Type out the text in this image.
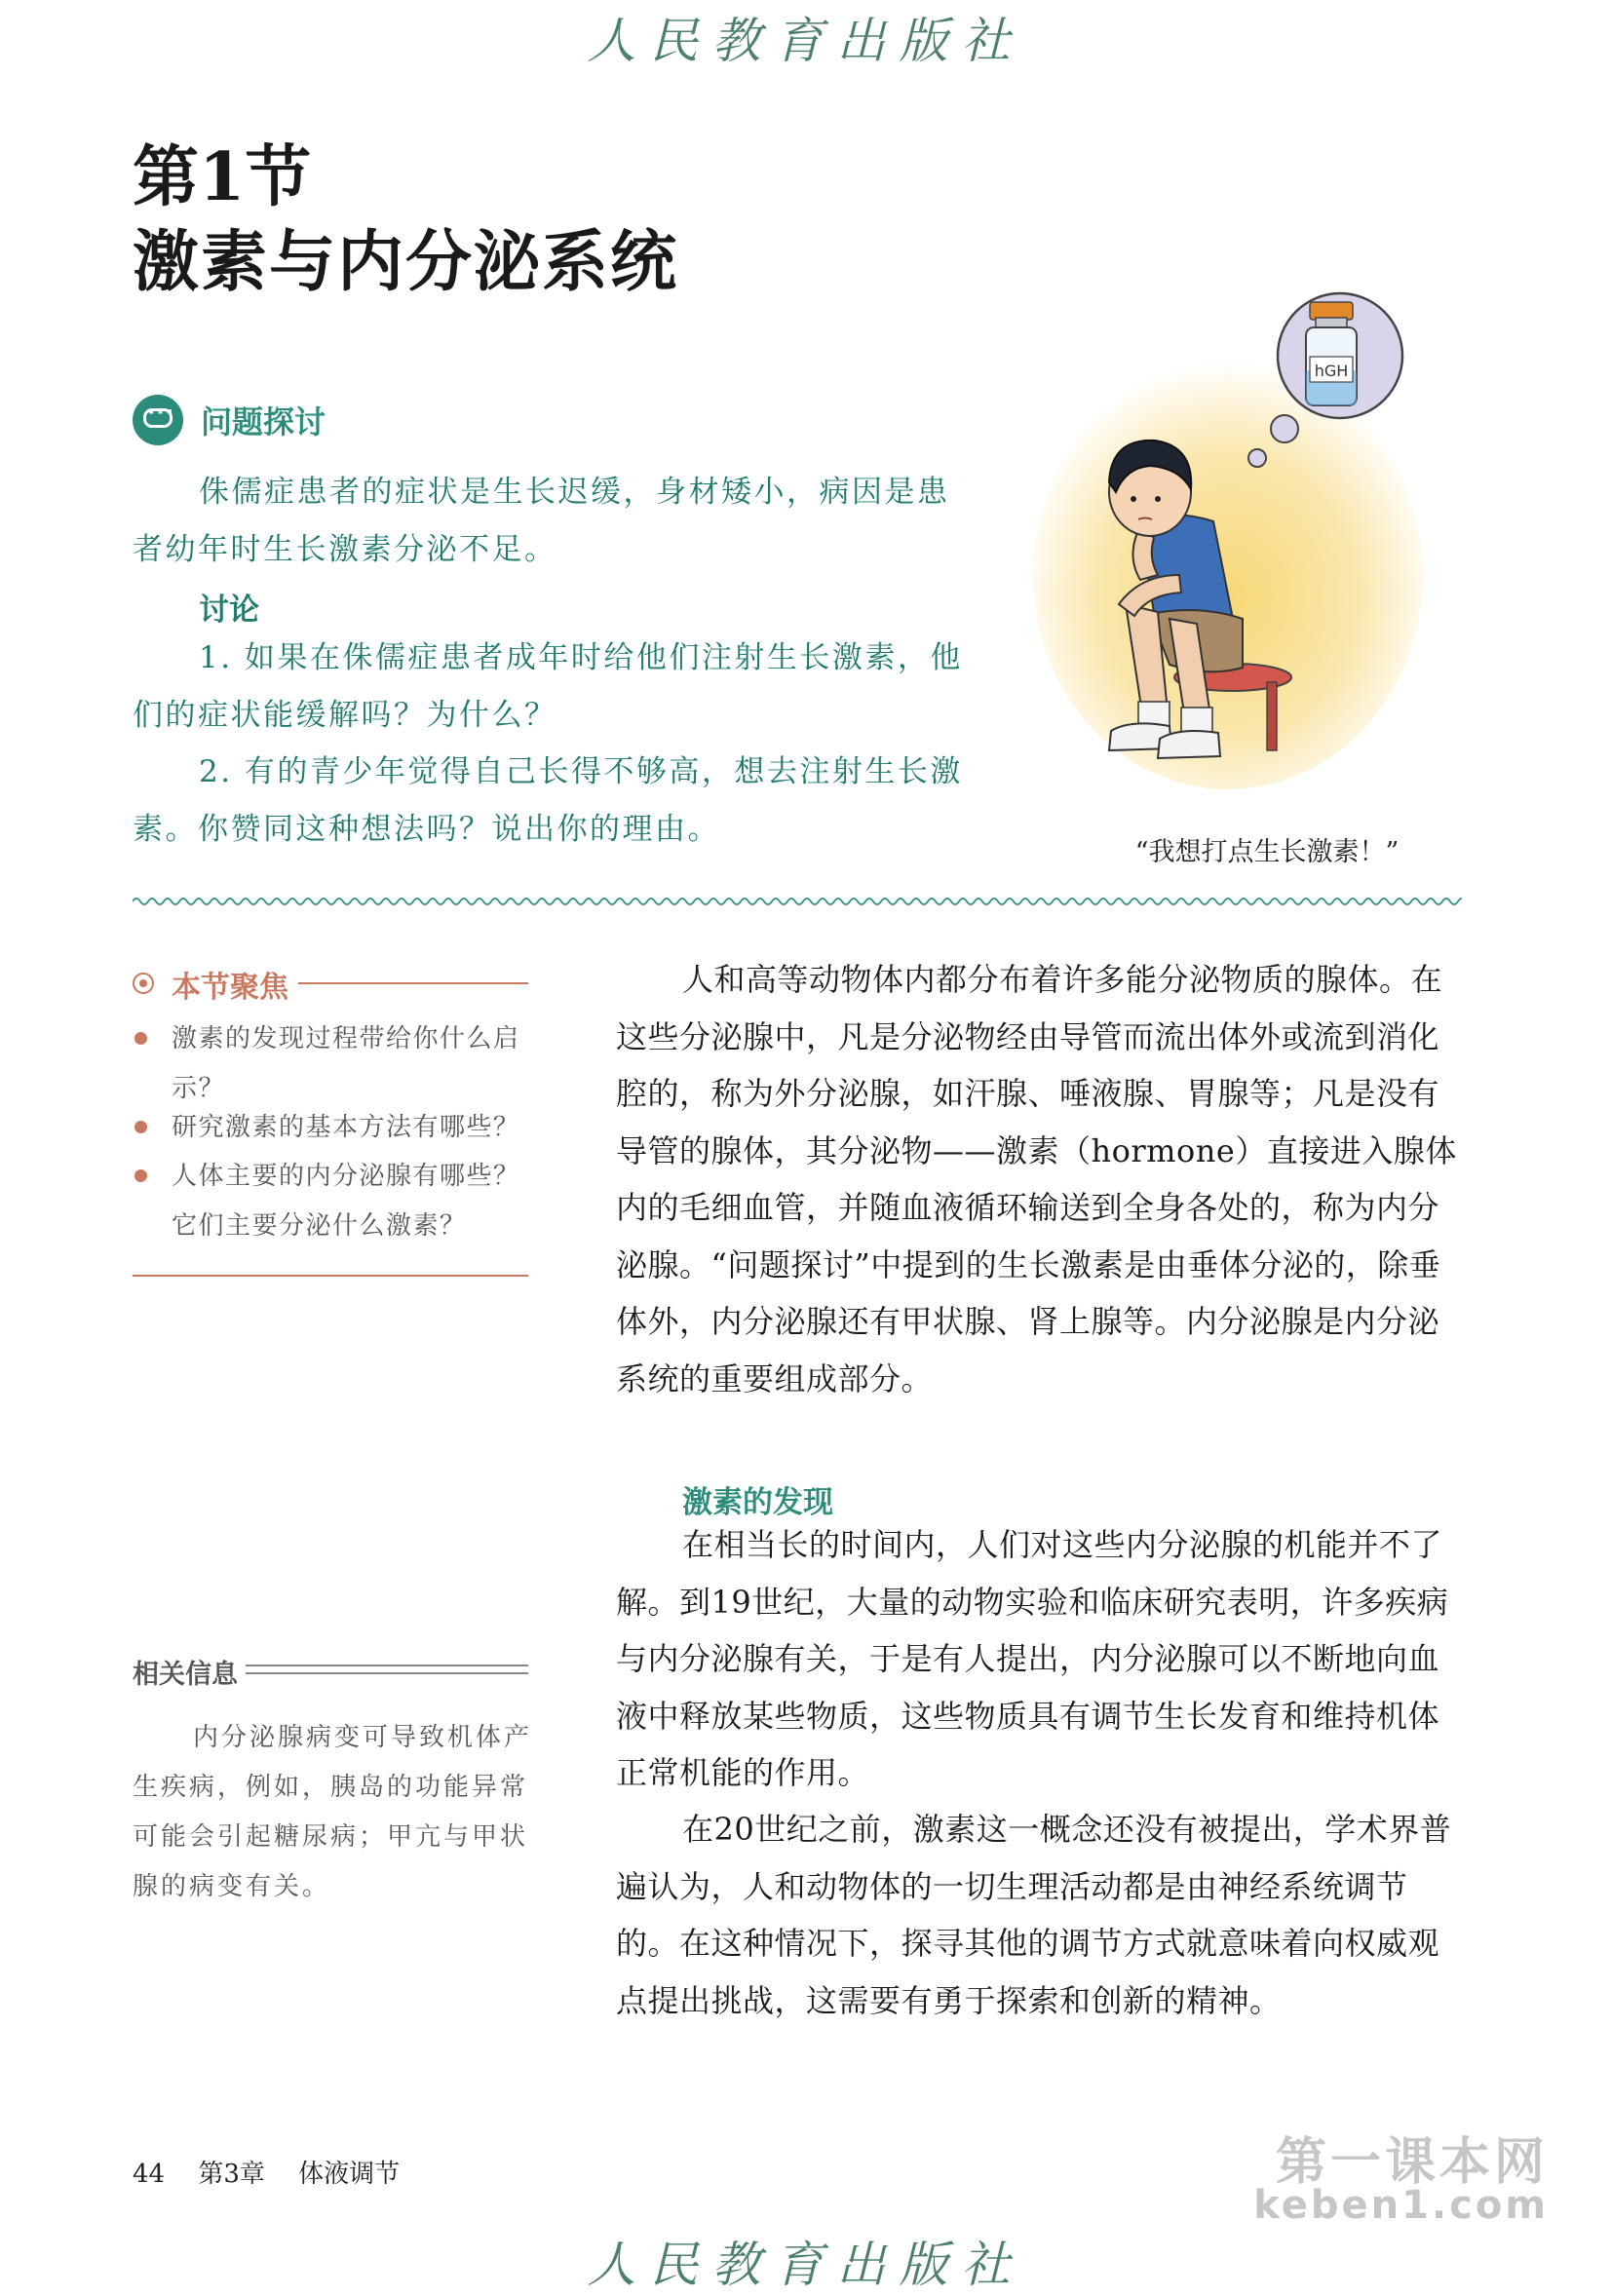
人民教育出版社
第1节
激素与内分泌系统
···
问题探讨

侏儒症患者的症状是生长迟缓，身材矮小，病因是患者幼年时生长激素分泌不足。

讨论

1. 如果在侏儒症患者成年时给他们注射生长激素，他们的症状能缓解吗？为什么？

2. 有的青少年觉得自己长得不够高，想去注射生长激素。你赞同这种想法吗？说出你的理由。

hGH
“我想打点生长激素！”
本节聚焦
激素的发现过程带给你什么启示？
研究激素的基本方法有哪些？
人体主要的内分泌腺有哪些？它们主要分泌什么激素？
相关信息

内分泌腺病变可导致机体产生疾病，例如，胰岛的功能异常可能会引起糖尿病；甲亢与甲状腺的病变有关。

人和高等动物体内都分布着许多能分泌物质的腺体。在这些分泌腺中，凡是分泌物经由导管而流出体外或流到消化腔的，称为外分泌腺，如汗腺、唾液腺、胃腺等；凡是没有导管的腺体，其分泌物——激素（hormone）直接进入腺体内的毛细血管，并随血液循环输送到全身各处的，称为内分泌腺。“问题探讨”中提到的生长激素是由垂体分泌的，除垂体外，内分泌腺还有甲状腺、肾上腺等。内分泌腺是内分泌系统的重要组成部分。

激素的发现

在相当长的时间内，人们对这些内分泌腺的机能并不了解。到19世纪，大量的动物实验和临床研究表明，许多疾病与内分泌腺有关，于是有人提出，内分泌腺可以不断地向血液中释放某些物质，这些物质具有调节生长发育和维持机体正常机能的作用。

在20世纪之前，激素这一概念还没有被提出，学术界普遍认为，人和动物体的一切生理活动都是由神经系统调节的。在这种情况下，探寻其他的调节方式就意味着向权威观点提出挑战，这需要有勇于探索和创新的精神。

44 第3章 体液调节	第一课本网
keben1.com
人民教育出版社
